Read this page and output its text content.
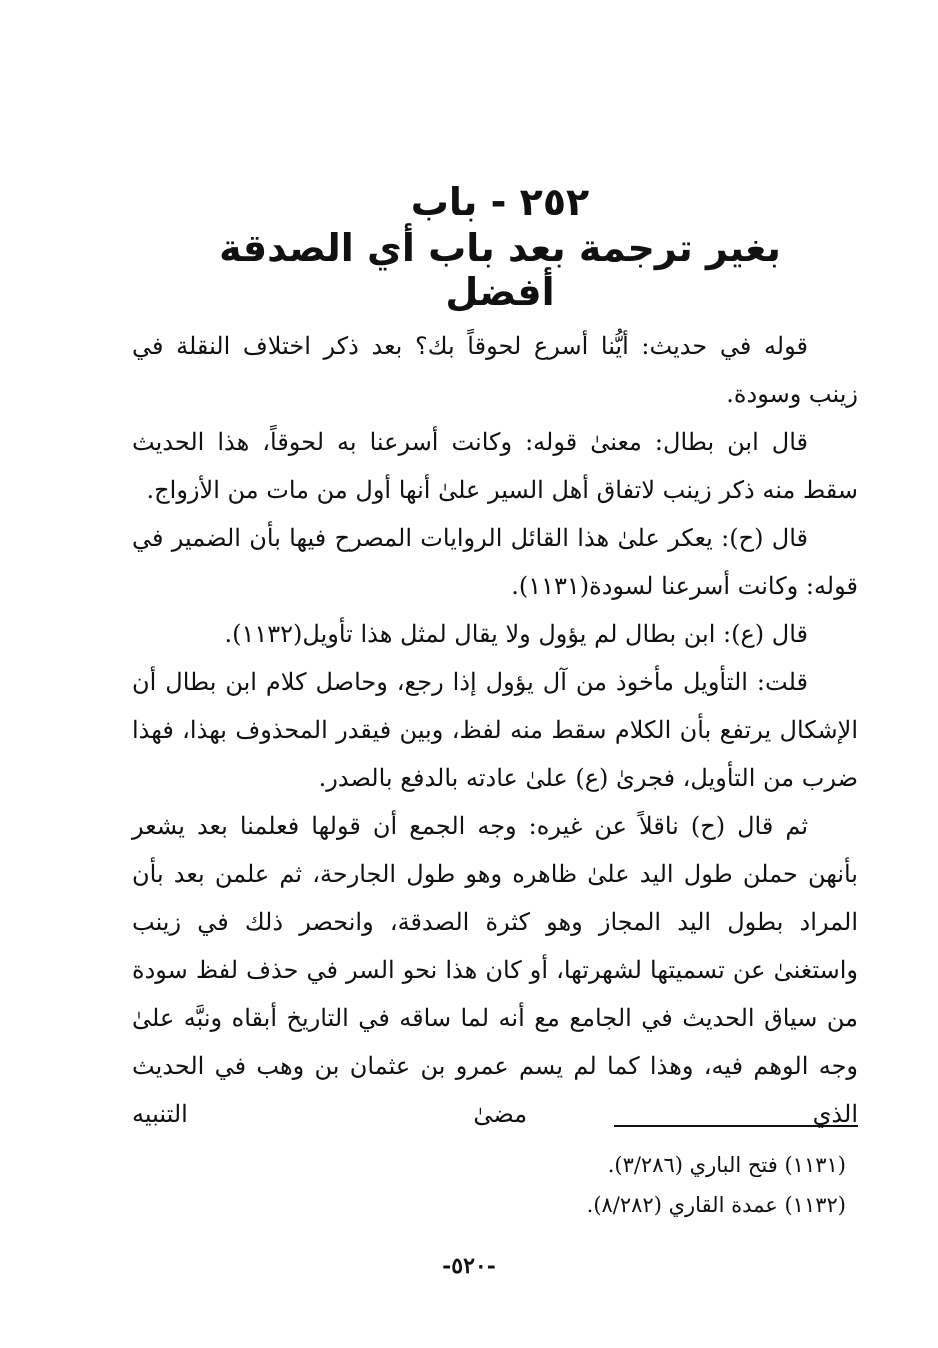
٢٥٢ - باب
بغير ترجمة بعد باب أي الصدقة أفضل

قوله في حديث: أيُّنا أسرع لحوقاً بك؟ بعد ذكر اختلاف النقلة في زينب وسودة.

قال ابن بطال: معنىٰ قوله: وكانت أسرعنا به لحوقاً، هذا الحديث سقط منه ذكر زينب لاتفاق أهل السير علىٰ أنها أول من مات من الأزواج.

قال (ح): يعكر علىٰ هذا القائل الروايات المصرح فيها بأن الضمير في قوله: وكانت أسرعنا لسودة(١١٣١).

قال (ع): ابن بطال لم يؤول ولا يقال لمثل هذا تأويل(١١٣٢).

قلت: التأويل مأخوذ من آل يؤول إذا رجع، وحاصل كلام ابن بطال أن الإشكال يرتفع بأن الكلام سقط منه لفظ، وبين فيقدر المحذوف بهذا، فهذا ضرب من التأويل، فجرىٰ (ع) علىٰ عادته بالدفع بالصدر.

ثم قال (ح) ناقلاً عن غيره: وجه الجمع أن قولها فعلمنا بعد يشعر بأنهن حملن طول اليد علىٰ ظاهره وهو طول الجارحة، ثم علمن بعد بأن المراد بطول اليد المجاز وهو كثرة الصدقة، وانحصر ذلك في زينب واستغنىٰ عن تسميتها لشهرتها، أو كان هذا نحو السر في حذف لفظ سودة من سياق الحديث في الجامع مع أنه لما ساقه في التاريخ أبقاه ونبَّه علىٰ وجه الوهم فيه، وهذا كما لم يسم عمرو بن عثمان بن وهب في الحديث الذي مضىٰ التنبيه

(١١٣١) فتح الباري (٣/٢٨٦).

(١١٣٢) عمدة القاري (٨/٢٨٢).

-٥٢٠-
